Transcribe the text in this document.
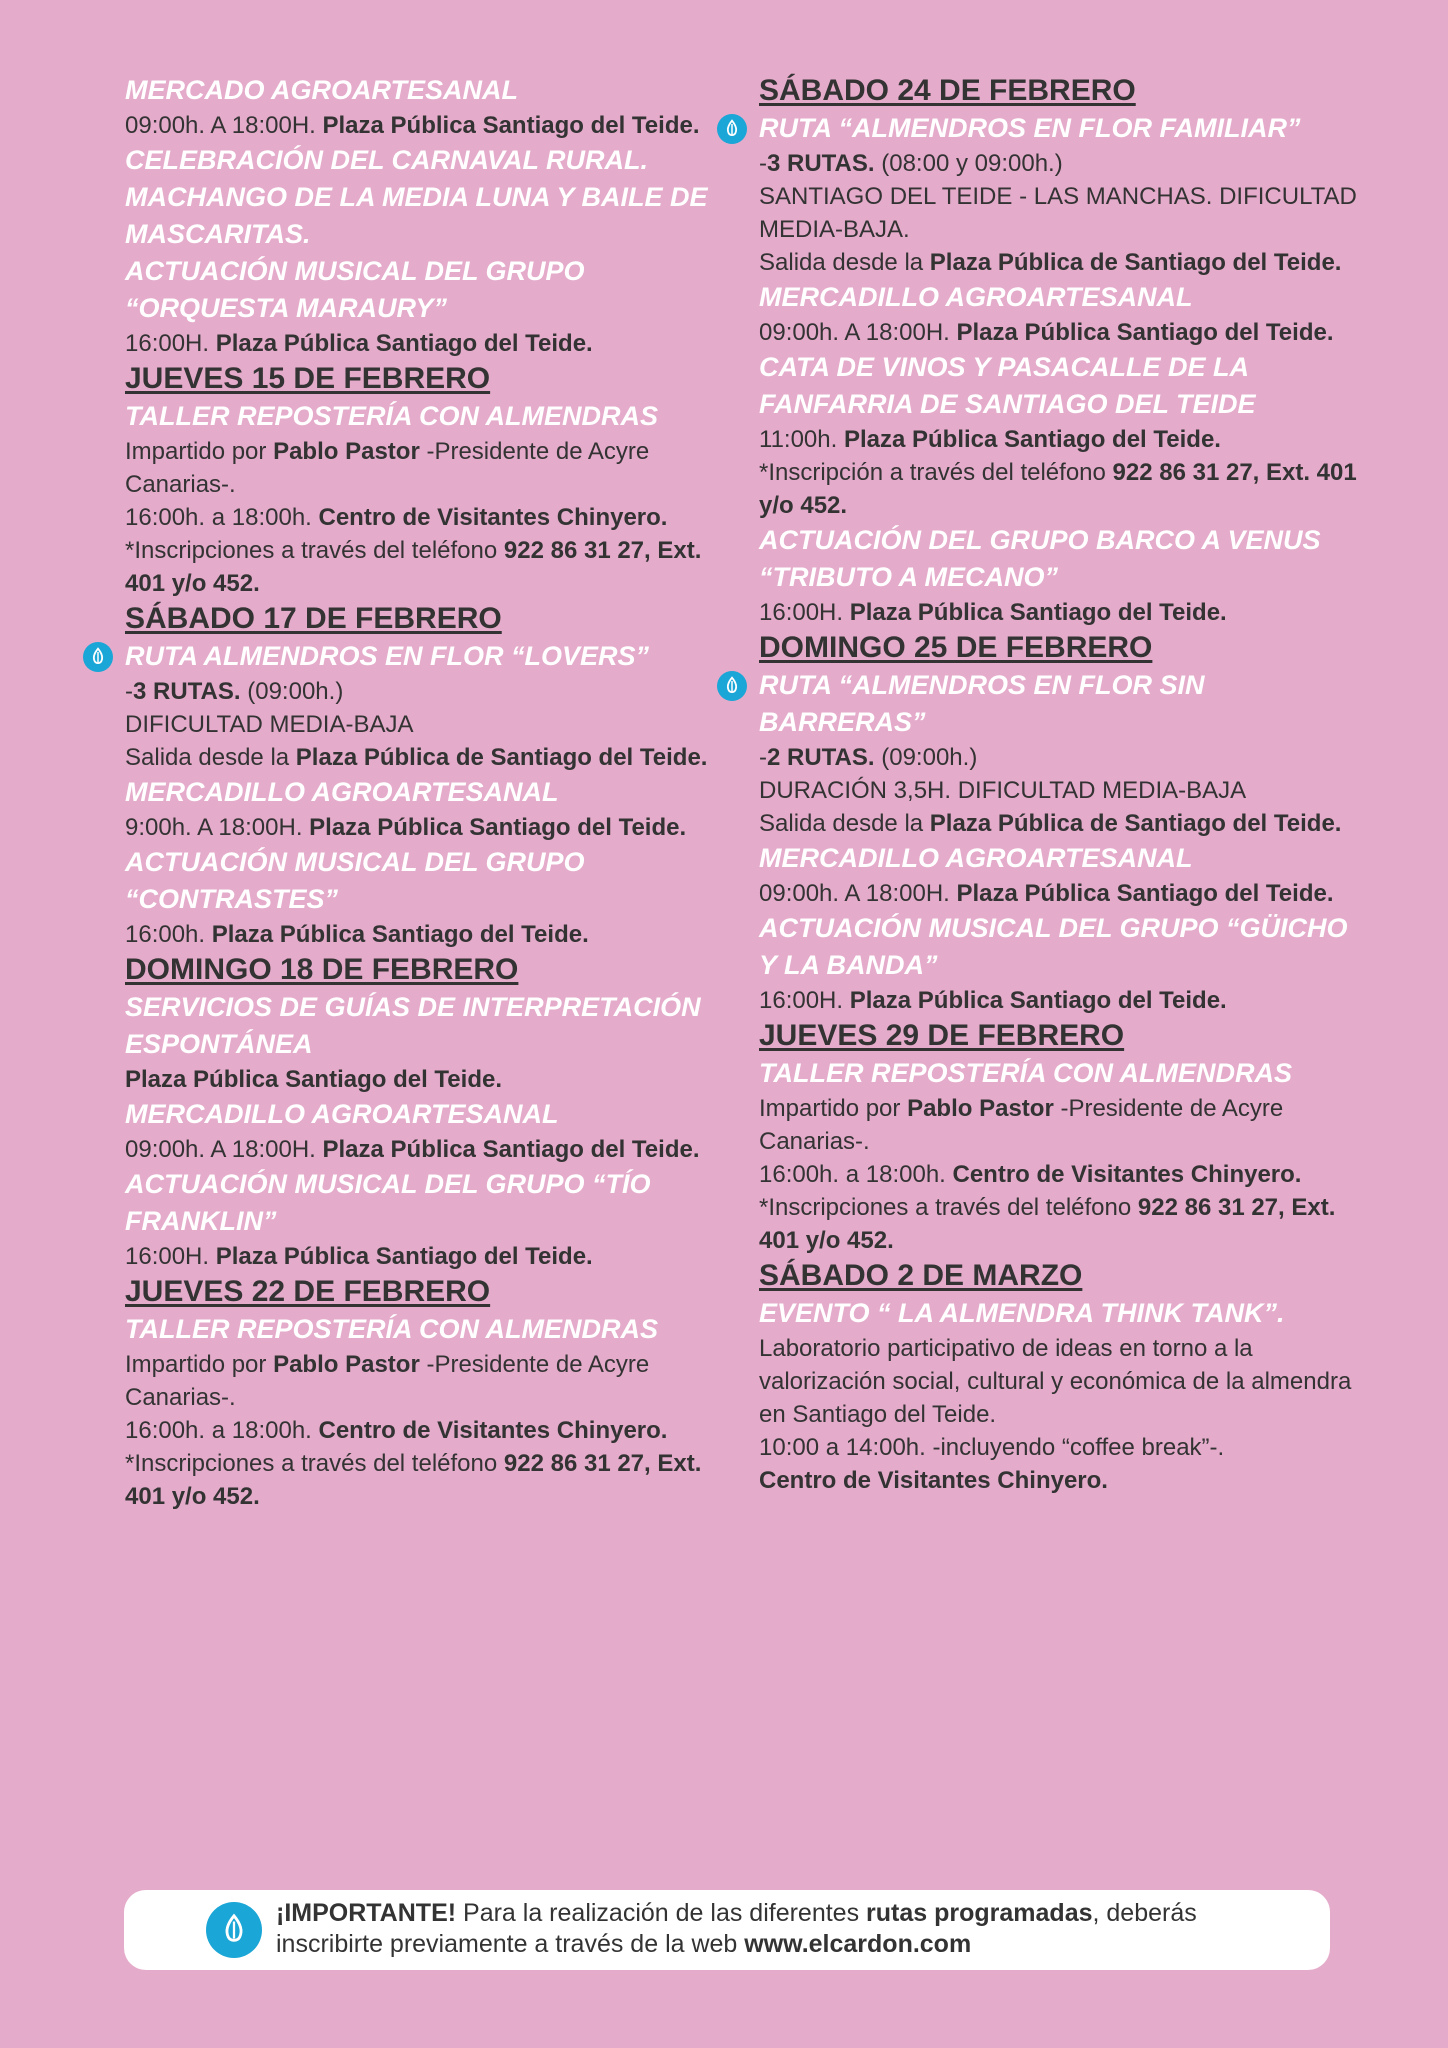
MERCADO AGROARTESANAL

09:00h. A 18:00H. Plaza Pública Santiago del Teide.

CELEBRACIÓN DEL CARNAVAL RURAL. MACHANGO DE LA MEDIA LUNA Y BAILE DE MASCARITAS.

ACTUACIÓN MUSICAL DEL GRUPO “ORQUESTA MARAURY”

16:00H. Plaza Pública Santiago del Teide.

JUEVES 15 DE FEBRERO

TALLER REPOSTERÍA CON ALMENDRAS

Impartido por Pablo Pastor -Presidente de Acyre Canarias-.

16:00h. a 18:00h. Centro de Visitantes Chinyero.

*Inscripciones a través del teléfono 922 86 31 27, Ext. 401 y/o 452.

SÁBADO 17 DE FEBRERO

RUTA ALMENDROS EN FLOR “LOVERS”

-3 RUTAS. (09:00h.)

DIFICULTAD MEDIA-BAJA

Salida desde la Plaza Pública de Santiago del Teide.

MERCADILLO AGROARTESANAL

9:00h. A 18:00H. Plaza Pública Santiago del Teide.

ACTUACIÓN MUSICAL DEL GRUPO “CONTRASTES”

16:00h. Plaza Pública Santiago del Teide.

DOMINGO 18 DE FEBRERO

SERVICIOS DE GUÍAS DE INTERPRETACIÓN ESPONTÁNEA

Plaza Pública Santiago del Teide.

MERCADILLO AGROARTESANAL

09:00h. A 18:00H. Plaza Pública Santiago del Teide.

ACTUACIÓN MUSICAL DEL GRUPO “TÍO FRANKLIN”

16:00H. Plaza Pública Santiago del Teide.

JUEVES 22 DE FEBRERO

TALLER REPOSTERÍA CON ALMENDRAS

Impartido por Pablo Pastor -Presidente de Acyre Canarias-.

16:00h. a 18:00h. Centro de Visitantes Chinyero.

*Inscripciones a través del teléfono 922 86 31 27, Ext. 401 y/o 452.

SÁBADO 24 DE FEBRERO

RUTA “ALMENDROS EN FLOR FAMILIAR”

-3 RUTAS. (08:00 y 09:00h.)

SANTIAGO DEL TEIDE - LAS MANCHAS. DIFICULTAD MEDIA-BAJA.

Salida desde la Plaza Pública de Santiago del Teide.

MERCADILLO AGROARTESANAL

09:00h. A 18:00H. Plaza Pública Santiago del Teide.

CATA DE VINOS Y PASACALLE DE LA FANFARRIA DE SANTIAGO DEL TEIDE

11:00h. Plaza Pública Santiago del Teide.

*Inscripción a través del teléfono 922 86 31 27, Ext. 401 y/o 452.

ACTUACIÓN DEL GRUPO BARCO A VENUS “TRIBUTO A MECANO”

16:00H. Plaza Pública Santiago del Teide.

DOMINGO 25 DE FEBRERO

RUTA “ALMENDROS EN FLOR SIN BARRERAS”

-2 RUTAS. (09:00h.)

DURACIÓN 3,5H. DIFICULTAD MEDIA-BAJA

Salida desde la Plaza Pública de Santiago del Teide.

MERCADILLO AGROARTESANAL

09:00h. A 18:00H. Plaza Pública Santiago del Teide.

ACTUACIÓN MUSICAL DEL GRUPO “GÜICHO Y LA BANDA”

16:00H. Plaza Pública Santiago del Teide.

JUEVES 29 DE FEBRERO

TALLER REPOSTERÍA CON ALMENDRAS

Impartido por Pablo Pastor -Presidente de Acyre Canarias-.

16:00h. a 18:00h. Centro de Visitantes Chinyero.

*Inscripciones a través del teléfono 922 86 31 27, Ext. 401 y/o 452.

SÁBADO 2 DE MARZO

EVENTO “ LA ALMENDRA THINK TANK”.

Laboratorio participativo de ideas en torno a la valorización social, cultural y económica de la almendra en Santiago del Teide.

10:00 a 14:00h. -incluyendo “coffee break”-.

Centro de Visitantes Chinyero.

¡IMPORTANTE! Para la realización de las diferentes rutas programadas, deberás inscribirte previamente a través de la web www.elcardon.com
